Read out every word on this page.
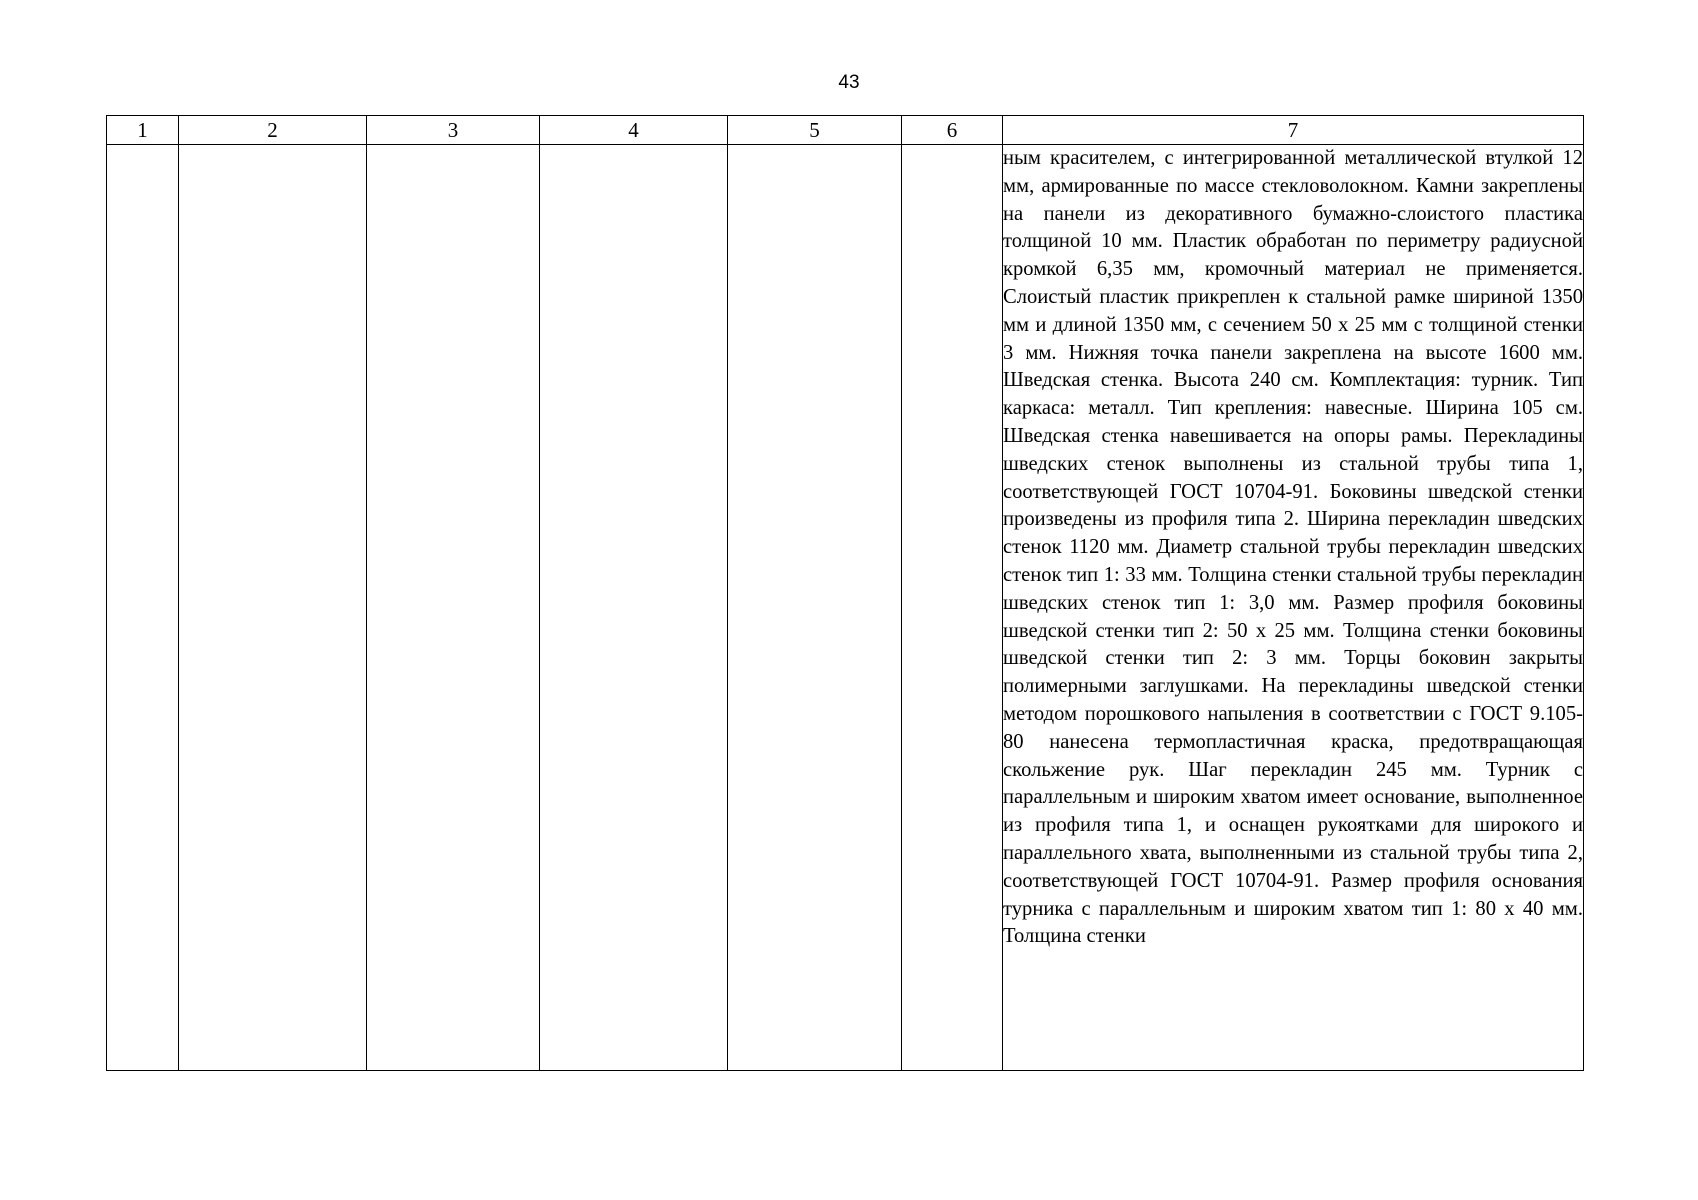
43
1	2	3	4	5	6	7

						ным красителем, с интегрированной металлической втулкой 12 мм, армированные по массе стекловолокном. Камни закреплены на панели из декоративного бумажно-слоистого пластика толщиной 10 мм. Пластик обработан по периметру радиусной кромкой 6,35 мм, кромочный материал не применяется. Слоистый пластик прикреплен к стальной рамке шириной 1350 мм и длиной 1350 мм, с сечением 50 х 25 мм с толщиной стенки 3 мм. Нижняя точка панели закреплена на высоте 1600 мм. Шведская стенка. Высота 240 см. Комплектация: турник. Тип каркаса: металл. Тип крепления: навесные. Ширина 105 см. Шведская стенка навешивается на опоры рамы. Перекладины шведских стенок выполнены из стальной трубы типа 1, соответствующей ГОСТ 10704-91. Боковины шведской стенки произведены из профиля типа 2. Ширина перекладин шведских стенок 1120 мм. Диаметр стальной трубы перекладин шведских стенок тип 1: 33 мм. Толщина стенки стальной трубы перекладин шведских стенок тип 1: 3,0 мм. Размер профиля боковины шведской стенки тип 2: 50 х 25 мм. Толщина стенки боковины шведской стенки тип 2: 3 мм. Торцы боковин закрыты полимерными заглушками. На перекладины шведской стенки методом порошкового напыления в соответствии с ГОСТ 9.105-80 нанесена термопластичная краска, предотвращающая скольжение рук. Шаг перекладин 245 мм. Турник с параллельным и широким хватом имеет основание, выполненное из профиля типа 1, и оснащен рукоятками для широкого и параллельного хвата, выполненными из стальной трубы типа 2, соответствующей ГОСТ 10704-91. Размер профиля основания турника с параллельным и широким хватом тип 1: 80 х 40 мм. Толщина стенки
